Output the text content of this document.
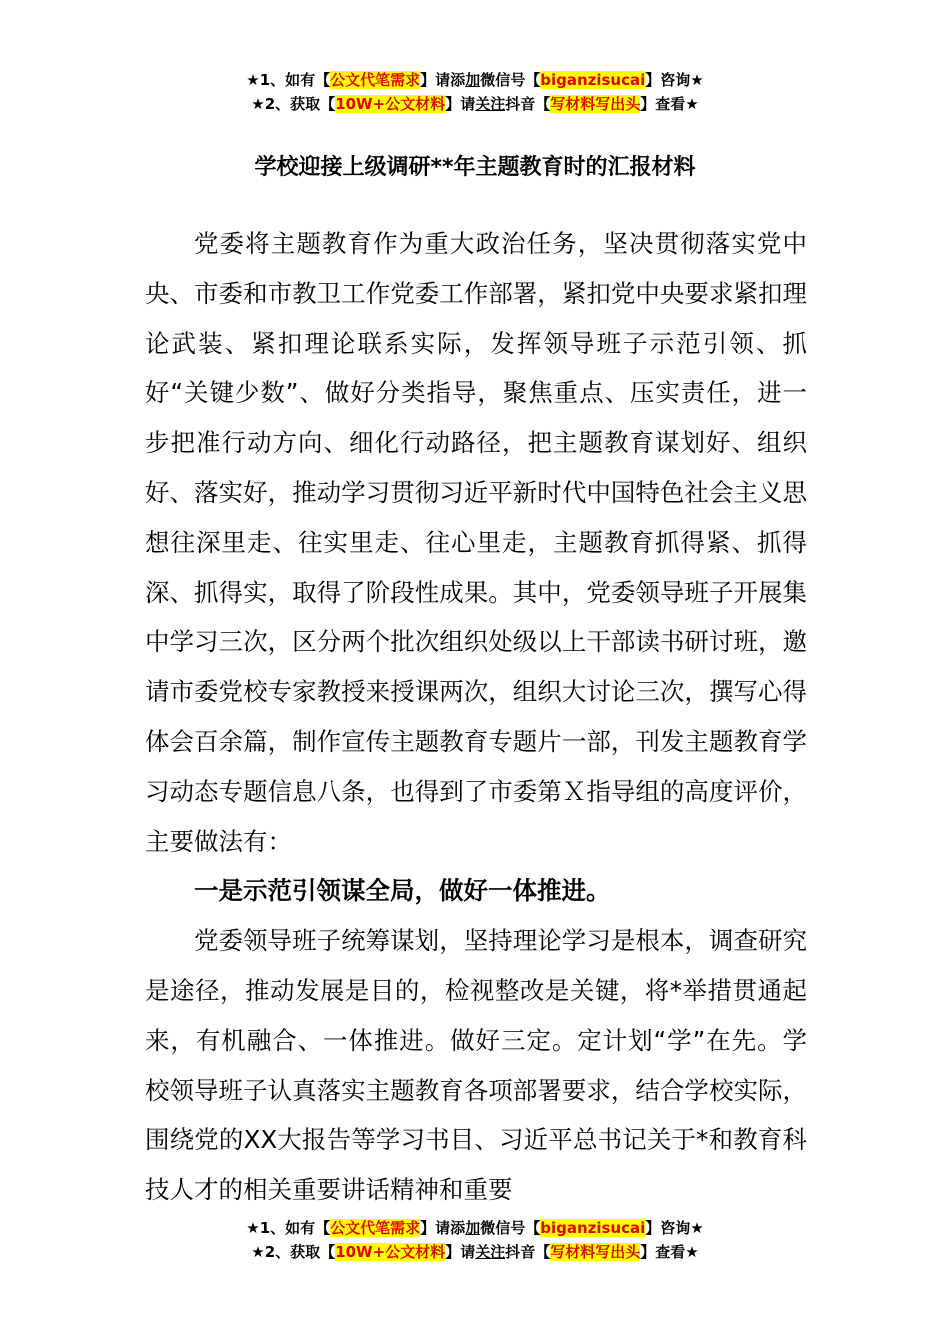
★1、如有【公文代笔需求】请添加微信号【biganzisucai】咨询★
★2、获取【10W+公文材料】请关注抖音【写材料写出头】查看★
学校迎接上级调研**年主题教育时的汇报材料

党委将主题教育作为重大政治任务，坚决贯彻落实党中央、市委和市教卫工作党委工作部署，紧扣党中央要求紧扣理论武装、紧扣理论联系实际，发挥领导班子示范引领、抓好“关键少数”、做好分类指导，聚焦重点、压实责任，进一步把准行动方向、细化行动路径，把主题教育谋划好、组织好、落实好，推动学习贯彻习近平新时代中国特色社会主义思想往深里走、往实里走、往心里走，主题教育抓得紧、抓得深、抓得实，取得了阶段性成果。其中，党委领导班子开展集中学习三次，区分两个批次组织处级以上干部读书研讨班，邀请市委党校专家教授来授课两次，组织大讨论三次，撰写心得体会百余篇，制作宣传主题教育专题片一部，刊发主题教育学习动态专题信息八条，也得到了市委第Ｘ指导组的高度评价，主要做法有：

一是示范引领谋全局，做好一体推进。

党委领导班子统筹谋划，坚持理论学习是根本，调查研究是途径，推动发展是目的，检视整改是关键，将*举措贯通起来，有机融合、一体推进。做好三定。定计划“学”在先。学校领导班子认真落实主题教育各项部署要求，结合学校实际，围绕党的XX大报告等学习书目、习近平总书记关于*和教育科技人才的相关重要讲话精神和重要

★1、如有【公文代笔需求】请添加微信号【biganzisucai】咨询★
★2、获取【10W+公文材料】请关注抖音【写材料写出头】查看★
